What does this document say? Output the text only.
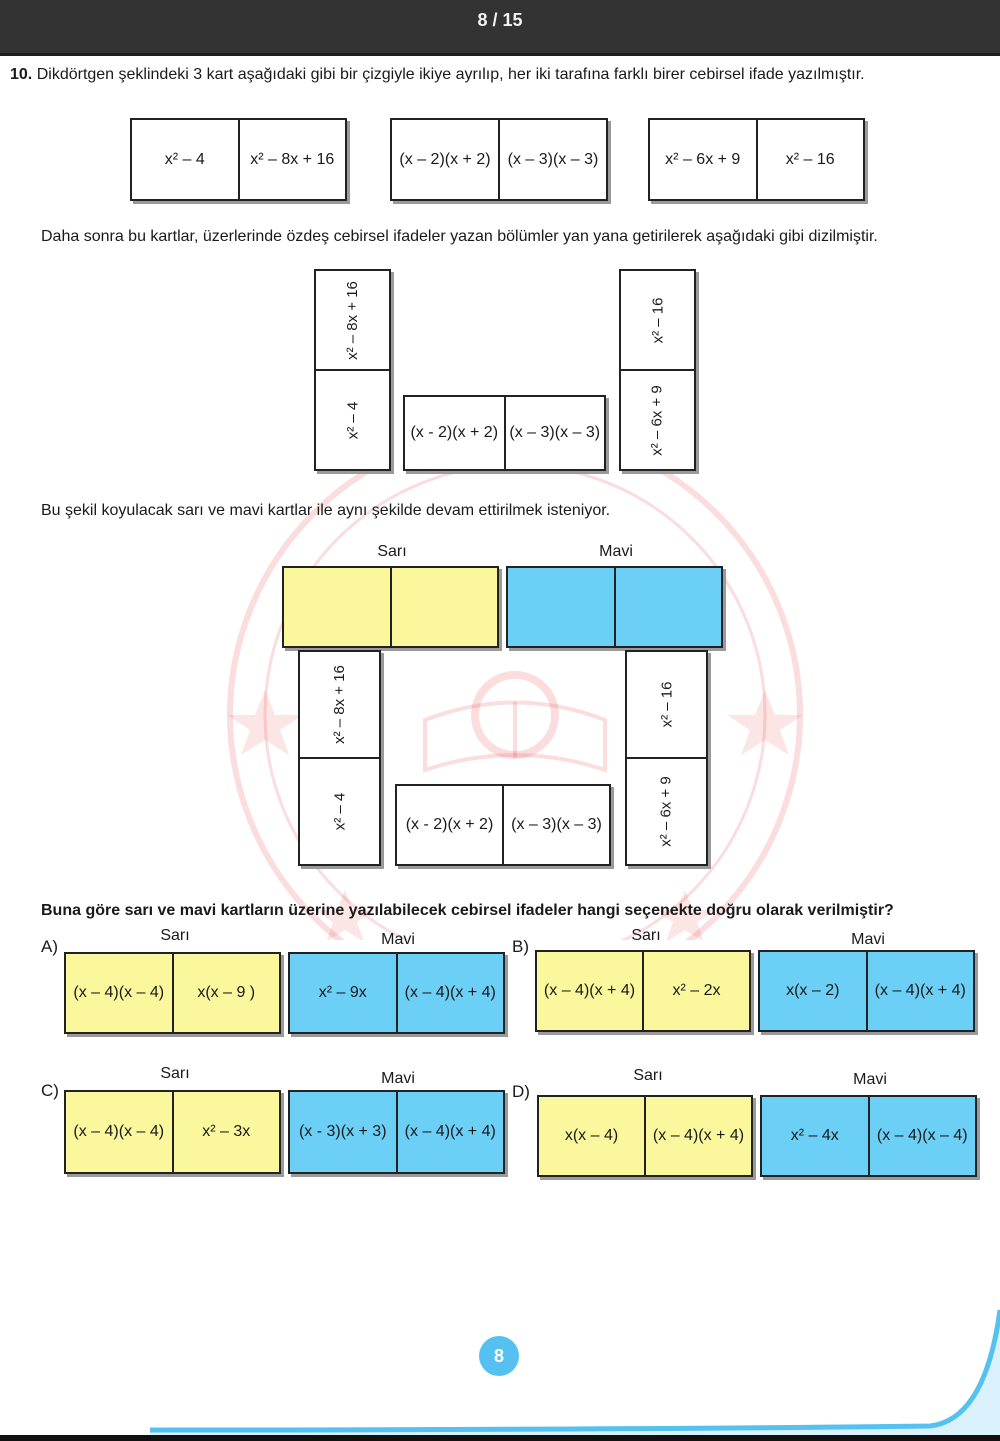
8 / 15
10. Dikdörtgen şeklindeki 3 kart aşağıdaki gibi bir çizgiyle ikiye ayrılıp, her iki tarafına farklı birer cebirsel ifade yazılmıştır.
x² – 4	x² – 8x + 16	(x – 2)(x + 2)	(x – 3)(x – 3)	x² – 6x + 9	x² – 16
Daha sonra bu kartlar, üzerlerinde özdeş cebirsel ifadeler yazan bölümler yan yana getirilerek aşağıdaki gibi dizilmiştir.
x² – 8x + 16
x² – 4	(x - 2)(x + 2) (x – 3)(x – 3)
x² – 16
x² – 6x + 9
Bu şekil koyulacak sarı ve mavi kartlar ile aynı şekilde devam ettirilmek isteniyor.
Sarı	Mavi
x² – 8x + 16
x² – 4	(x - 2)(x + 2)	(x – 3)(x – 3)
x² – 16
x² – 6x + 9
Buna göre sarı ve mavi kartların üzerine yazılabilecek cebirsel ifadeler hangi seçenekte doğru olarak verilmiştir?
A)
Sarı	Mavi
(x – 4)(x – 4)	x(x – 9 )	x² – 9x	(x – 4)(x + 4)
B)
Sarı	Mavi
(x – 4)(x + 4)	x² – 2x	x(x – 2)	(x – 4)(x + 4)
C)
Sarı	Mavi
(x – 4)(x – 4)	x² – 3x	(x - 3)(x + 3)	(x – 4)(x + 4)
D)
Sarı	Mavi
x(x – 4)	(x – 4)(x + 4)	x² – 4x	(x – 4)(x – 4)
8
